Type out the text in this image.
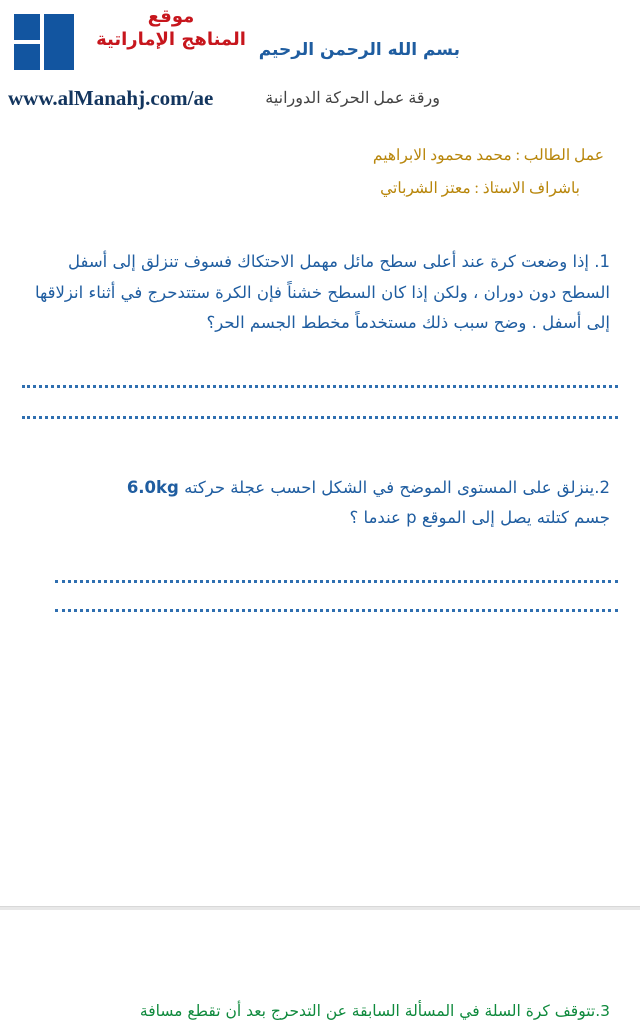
موقع
المناهج الإماراتية
www.alManahj.com/ae
بسم الله الرحمن الرحيم
ورقة عمل الحركة الدورانية
عمل الطالب : محمد محمود الابراهيم
باشراف الاستاذ : معتز الشرباتي
1. إذا وضعت كرة عند أعلى سطح مائل مهمل الاحتكاك فسوف تنزلق إلى أسفل السطح دون دوران ، ولكن إذا كان السطح خشناً فإن الكرة ستتدحرج في أثناء انزلاقها إلى أسفل . وضح سبب ذلك مستخدماً مخطط الجسم الحر؟
2.ينزلق على المستوى الموضح في الشكل احسب عجلة حركته 6.0kg
جسم كتلته يصل إلى الموقع p عندما ؟
3.تتوقف كرة السلة في المسألة السابقة عن التدحرج بعد أن تقطع مسافة
